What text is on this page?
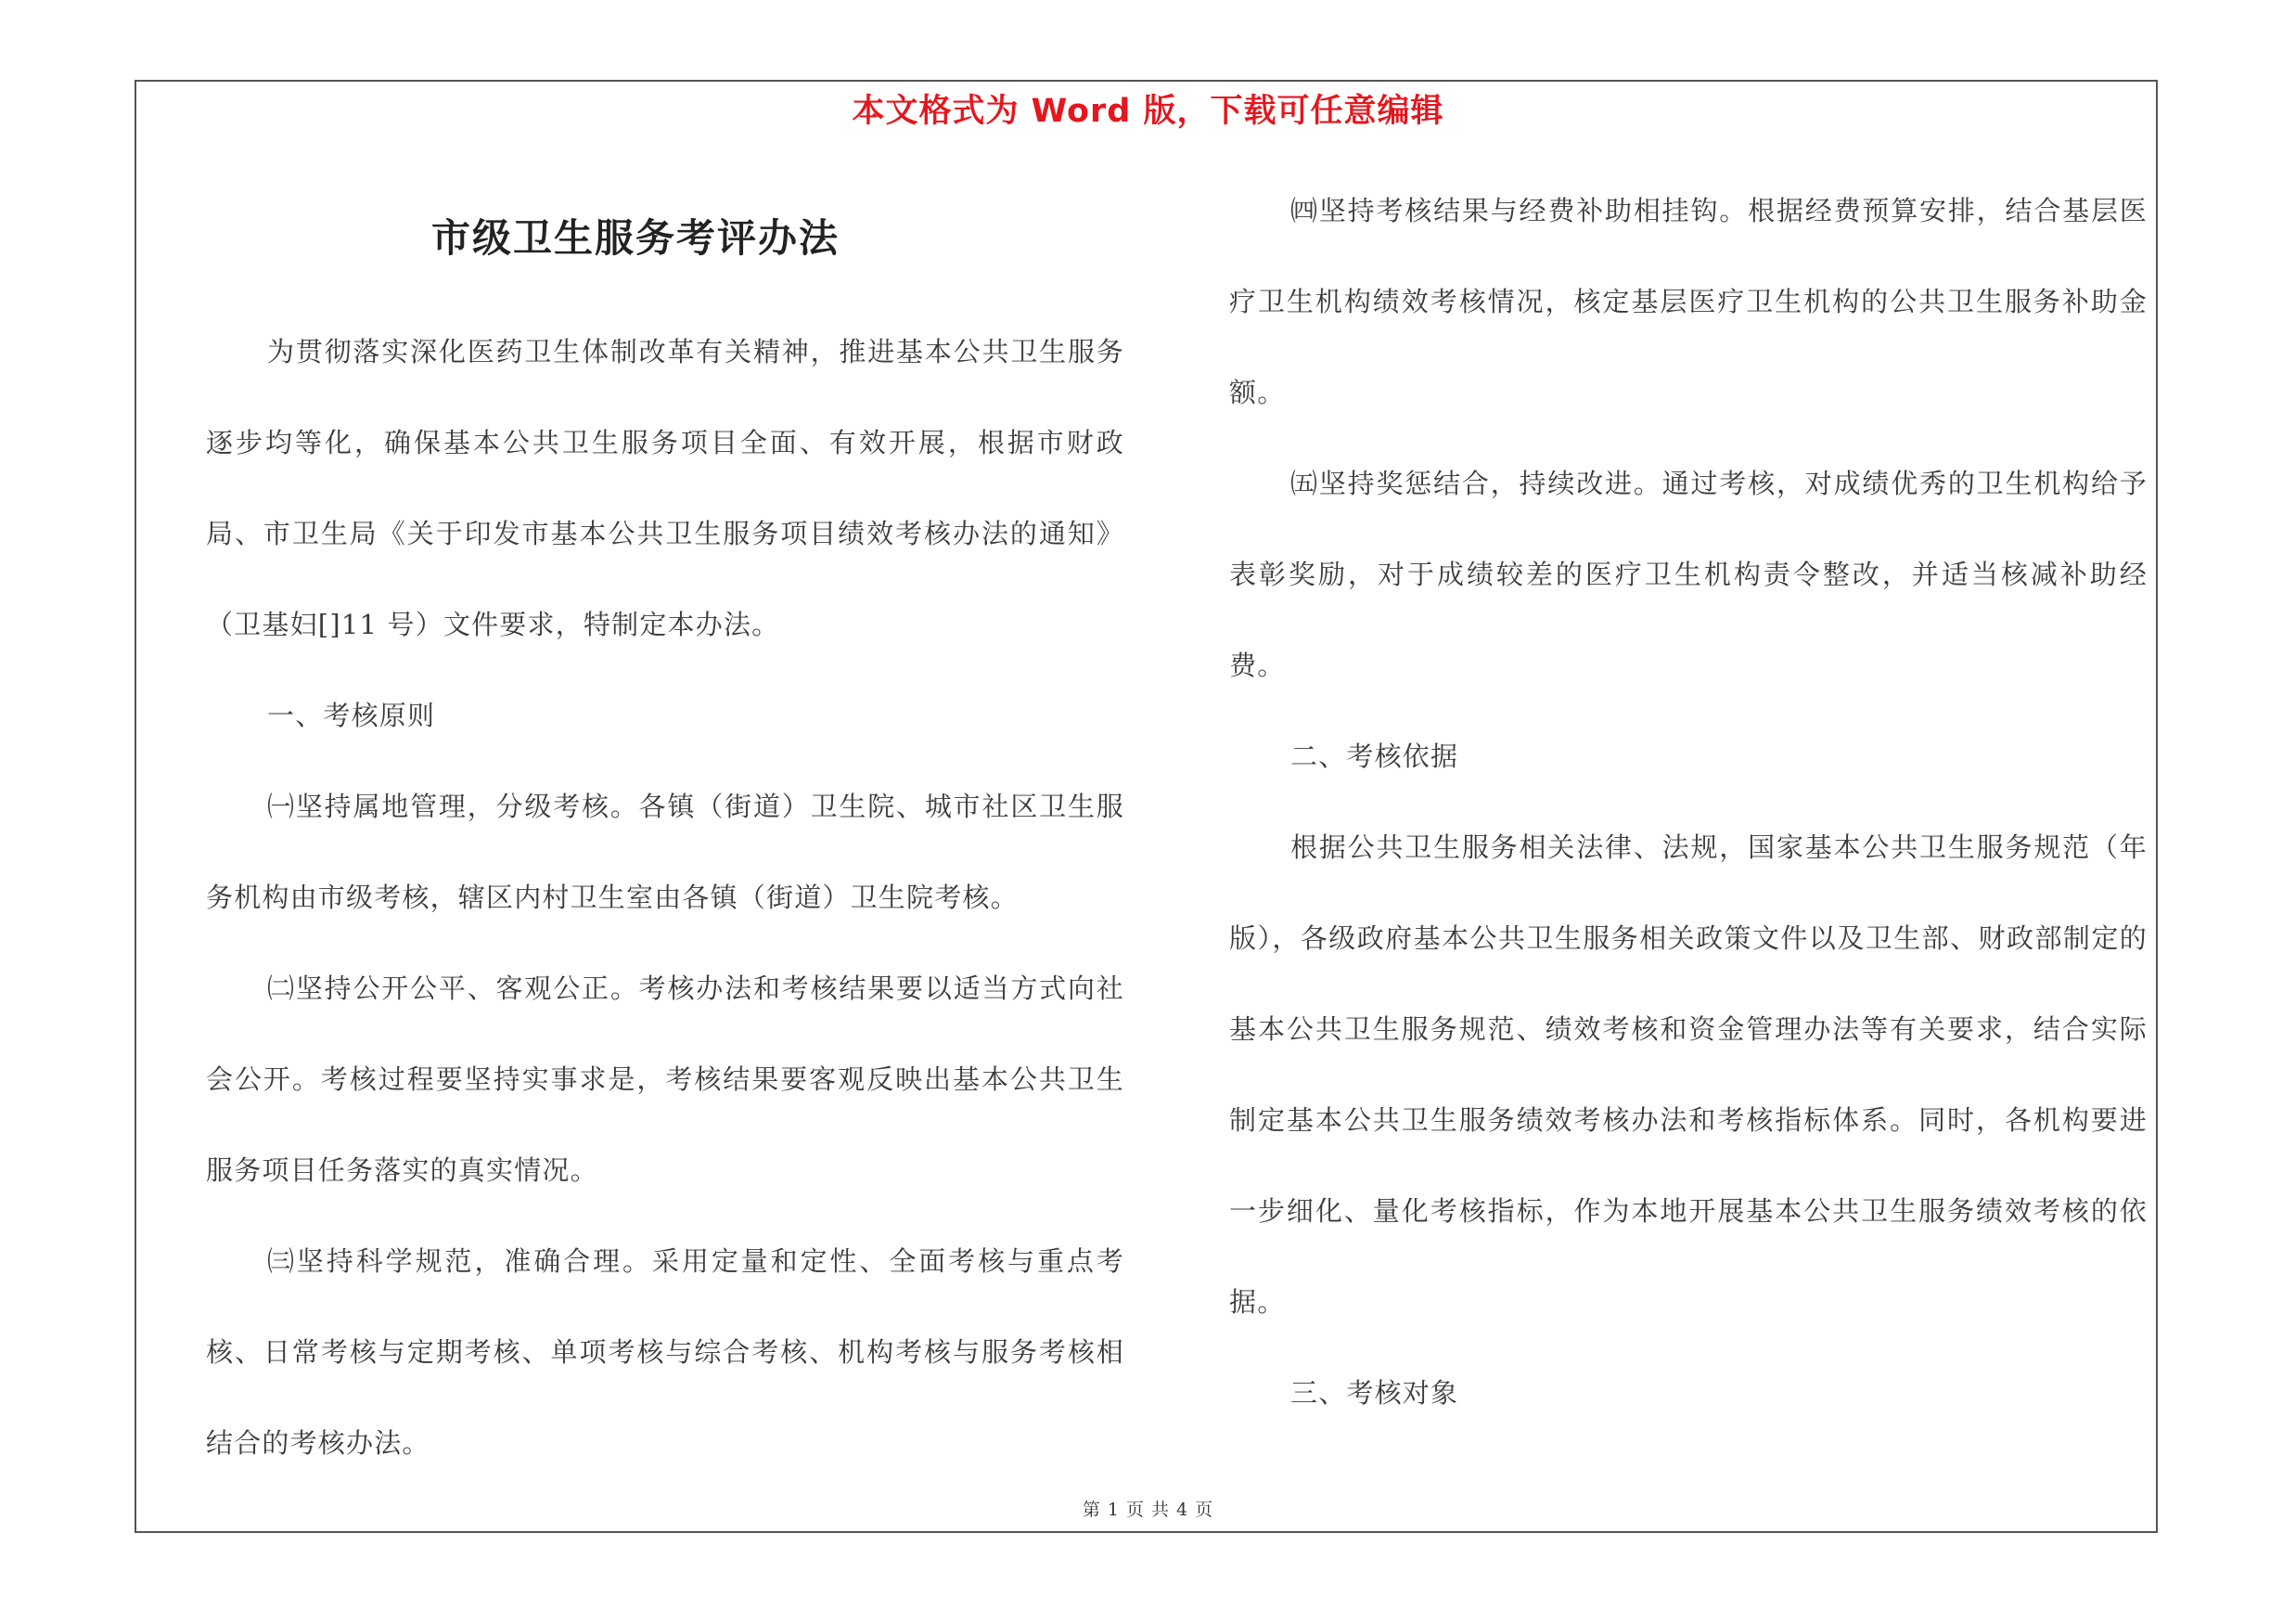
本文格式为 Word 版，下载可任意编辑
市级卫生服务考评办法

为贯彻落实深化医药卫生体制改革有关精神，推进基本公共卫生服务逐步均等化，确保基本公共卫生服务项目全面、有效开展，根据市财政局、市卫生局《关于印发市基本公共卫生服务项目绩效考核办法的通知》（卫基妇[]11 号）文件要求，特制定本办法。

一、考核原则

㈠坚持属地管理，分级考核。各镇（街道）卫生院、城市社区卫生服务机构由市级考核，辖区内村卫生室由各镇（街道）卫生院考核。

㈡坚持公开公平、客观公正。考核办法和考核结果要以适当方式向社会公开。考核过程要坚持实事求是，考核结果要客观反映出基本公共卫生服务项目任务落实的真实情况。

㈢坚持科学规范，准确合理。采用定量和定性、全面考核与重点考核、日常考核与定期考核、单项考核与综合考核、机构考核与服务考核相结合的考核办法。

㈣坚持考核结果与经费补助相挂钩。根据经费预算安排，结合基层医疗卫生机构绩效考核情况，核定基层医疗卫生机构的公共卫生服务补助金额。

㈤坚持奖惩结合，持续改进。通过考核，对成绩优秀的卫生机构给予表彰奖励，对于成绩较差的医疗卫生机构责令整改，并适当核减补助经费。

二、考核依据

根据公共卫生服务相关法律、法规，国家基本公共卫生服务规范（年版），各级政府基本公共卫生服务相关政策文件以及卫生部、财政部制定的基本公共卫生服务规范、绩效考核和资金管理办法等有关要求，结合实际制定基本公共卫生服务绩效考核办法和考核指标体系。同时，各机构要进一步细化、量化考核指标，作为本地开展基本公共卫生服务绩效考核的依据。

三、考核对象

第 1 页 共 4 页
